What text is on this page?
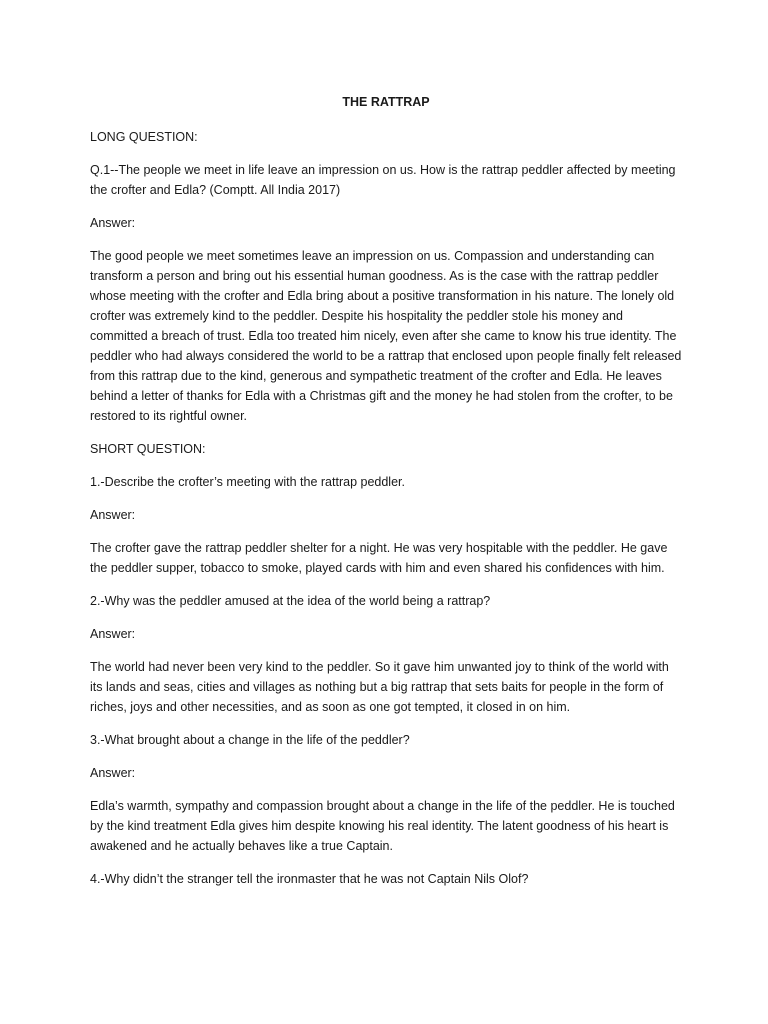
THE RATTRAP

LONG QUESTION:

Q.1--The people we meet in life leave an impression on us. How is the rattrap peddler affected by meeting the crofter and Edla? (Comptt. All India 2017)

Answer:

The good people we meet sometimes leave an impression on us. Compassion and understanding can transform a person and bring out his essential human goodness. As is the case with the rattrap peddler whose meeting with the crofter and Edla bring about a positive transformation in his nature. The lonely old crofter was extremely kind to the peddler. Despite his hospitality the peddler stole his money and committed a breach of trust. Edla too treated him nicely, even after she came to know his true identity. The peddler who had always considered the world to be a rattrap that enclosed upon people finally felt released from this rattrap due to the kind, generous and sympathetic treatment of the crofter and Edla. He leaves behind a letter of thanks for Edla with a Christmas gift and the money he had stolen from the crofter, to be restored to its rightful owner.

SHORT QUESTION:

1.-Describe the crofter’s meeting with the rattrap peddler.

Answer:

The crofter gave the rattrap peddler shelter for a night. He was very hospitable with the peddler. He gave the peddler supper, tobacco to smoke, played cards with him and even shared his confidences with him.

2.-Why was the peddler amused at the idea of the world being a rattrap?

Answer:

The world had never been very kind to the peddler. So it gave him unwanted joy to think of the world with its lands and seas, cities and villages as nothing but a big rattrap that sets baits for people in the form of riches, joys and other necessities, and as soon as one got tempted, it closed in on him.

3.-What brought about a change in the life of the peddler?

Answer:

Edla’s warmth, sympathy and compassion brought about a change in the life of the peddler. He is touched by the kind treatment Edla gives him despite knowing his real identity. The latent goodness of his heart is awakened and he actually behaves like a true Captain.

4.-Why didn’t the stranger tell the ironmaster that he was not Captain Nils Olof?
